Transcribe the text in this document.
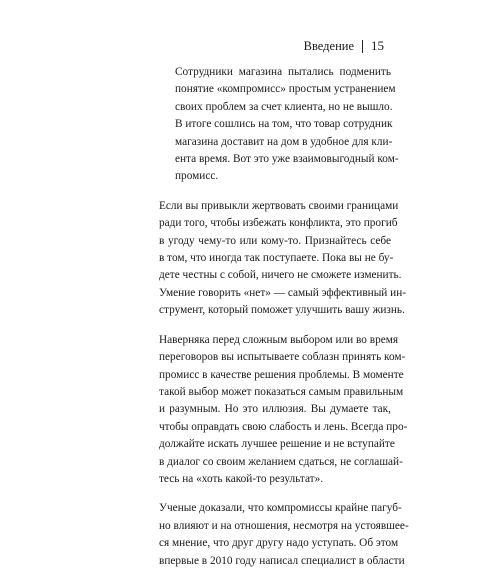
Введение 15

Сотрудники магазина пытались подменить
понятие «компромисс» простым устранением
своих проблем за счет клиента, но не вышло.
В итоге сошлись на том, что товар сотрудник
магазина доставит на дом в удобное для кли-
ента время. Вот это уже взаимовыгодный ком-
промисс.

Если вы привыкли жертвовать своими границами
ради того, чтобы избежать конфликта, это прогиб
в угоду чему-то или кому-то. Признайтесь себе
в том, что иногда так поступаете. Пока вы не бу-
дете честны с собой, ничего не сможете изменить.
Умение говорить «нет» — самый эффективный ин-
струмент, который поможет улучшить вашу жизнь.

Наверняка перед сложным выбором или во время
переговоров вы испытываете соблазн принять ком-
промисс в качестве решения проблемы. В моменте
такой выбор может показаться самым правильным
и разумным. Но это иллюзия. Вы думаете так,
чтобы оправдать свою слабость и лень. Всегда про-
должайте искать лучшее решение и не вступайте
в диалог со своим желанием сдаться, не соглашай-
тесь на «хоть какой-то результат».

Ученые доказали, что компромиссы крайне пагуб-
но влияют и на отношения, несмотря на устоявшее-
ся мнение, что друг другу надо уступать. Об этом
впервые в 2010 году написал специалист в области
